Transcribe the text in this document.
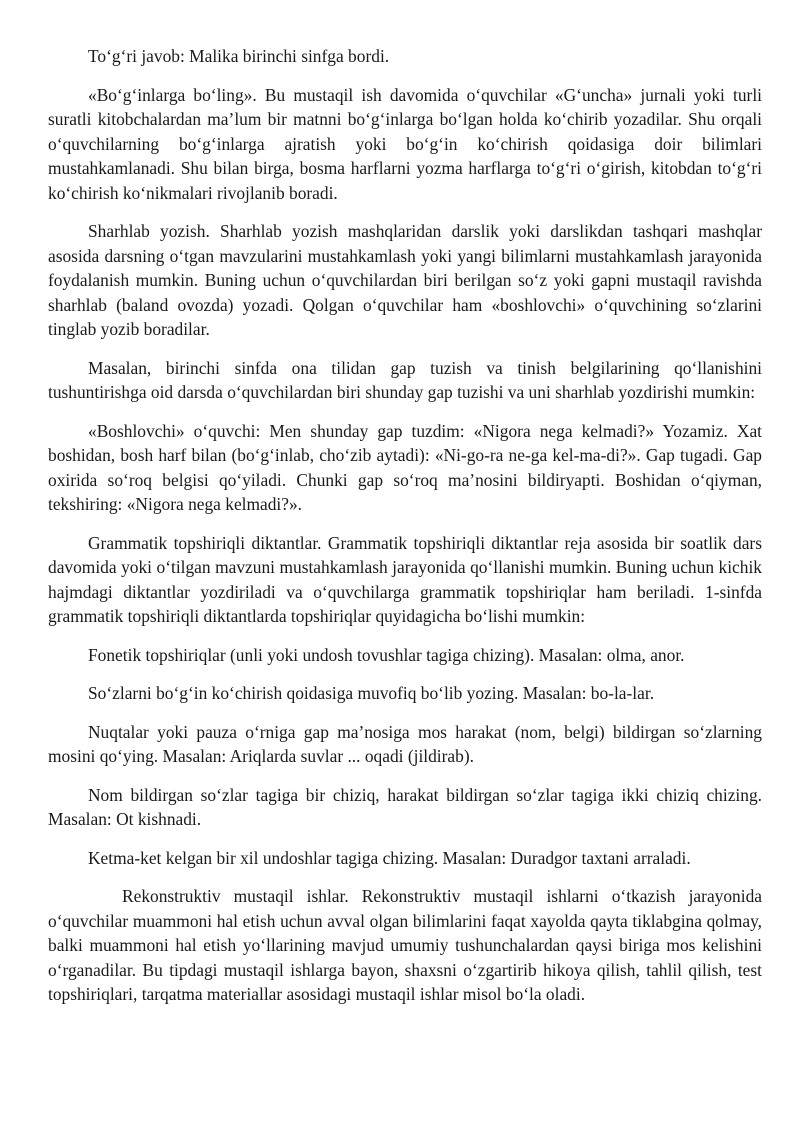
To‘g‘ri javob: Malika birinchi sinfga bordi.

«Bo‘g‘inlarga bo‘ling». Bu mustaqil ish davomida o‘quvchilar «G‘uncha» jurnali yoki turli suratli kitobchalardan ma’lum bir matnni bo‘g‘inlarga bo‘lgan holda ko‘chirib yozadilar. Shu orqali o‘quvchilarning bo‘g‘inlarga ajratish yoki bo‘g‘in ko‘chirish qoidasiga doir bilimlari mustahkamlanadi. Shu bilan birga, bosma harflarni yozma harflarga to‘g‘ri o‘girish, kitobdan to‘g‘ri ko‘chirish ko‘nikmalari rivojlanib boradi.

Sharhlab yozish. Sharhlab yozish mashqlaridan darslik yoki darslikdan tashqari mashqlar asosida darsning o‘tgan mavzularini mustahkamlash yoki yangi bilimlarni mustahkamlash jarayonida foydalanish mumkin. Buning uchun o‘quvchilardan biri berilgan so‘z yoki gapni mustaqil ravishda sharhlab (baland ovozda) yozadi. Qolgan o‘quvchilar ham «boshlovchi» o‘quvchining so‘zlarini tinglab yozib boradilar.

Masalan, birinchi sinfda ona tilidan gap tuzish va tinish belgilarining qo‘llanishini tushuntirishga oid darsda o‘quvchilardan biri shunday gap tuzishi va uni sharhlab yozdirishi mumkin:

«Boshlovchi» o‘quvchi: Men shunday gap tuzdim: «Nigora nega kelmadi?» Yozamiz. Xat boshidan, bosh harf bilan (bo‘g‘inlab, cho‘zib aytadi): «Ni-go-ra ne-ga kel-ma-di?». Gap tugadi. Gap oxirida so‘roq belgisi qo‘yiladi. Chunki gap so‘roq ma’nosini bildiryapti. Boshidan o‘qiyman, tekshiring: «Nigora nega kelmadi?».

Grammatik topshiriqli diktantlar. Grammatik topshiriqli diktantlar reja asosida bir soatlik dars davomida yoki o‘tilgan mavzuni mustahkamlash jarayonida qo‘llanishi mumkin. Buning uchun kichik hajmdagi diktantlar yozdiriladi va o‘quvchilarga grammatik topshiriqlar ham beriladi. 1-sinfda grammatik topshiriqli diktantlarda topshiriqlar quyidagicha bo‘lishi mumkin:

Fonetik topshiriqlar (unli yoki undosh tovushlar tagiga chizing). Masalan: olma, anor.

So‘zlarni bo‘g‘in ko‘chirish qoidasiga muvofiq bo‘lib yozing. Masalan: bo-la-lar.

Nuqtalar yoki pauza o‘rniga gap ma’nosiga mos harakat (nom, belgi) bildirgan so‘zlarning mosini qo‘ying. Masalan: Ariqlarda suvlar ... oqadi (jildirab).

Nom bildirgan so‘zlar tagiga bir chiziq, harakat bildirgan so‘zlar tagiga ikki chiziq chizing. Masalan: Ot kishnadi.

Ketma-ket kelgan bir xil undoshlar tagiga chizing. Masalan: Duradgor taxtani arraladi.

Rekonstruktiv mustaqil ishlar. Rekonstruktiv mustaqil ishlarni o‘tkazish jarayonida o‘quvchilar muammoni hal etish uchun avval olgan bilimlarini faqat xayolda qayta tiklabgina qolmay, balki muammoni hal etish yo‘llarining mavjud umumiy tushunchalardan qaysi biriga mos kelishini o‘rganadilar. Bu tipdagi mustaqil ishlarga bayon, shaxsni o‘zgartirib hikoya qilish, tahlil qilish, test topshiriqlari, tarqatma materiallar asosidagi mustaqil ishlar misol bo‘la oladi.
